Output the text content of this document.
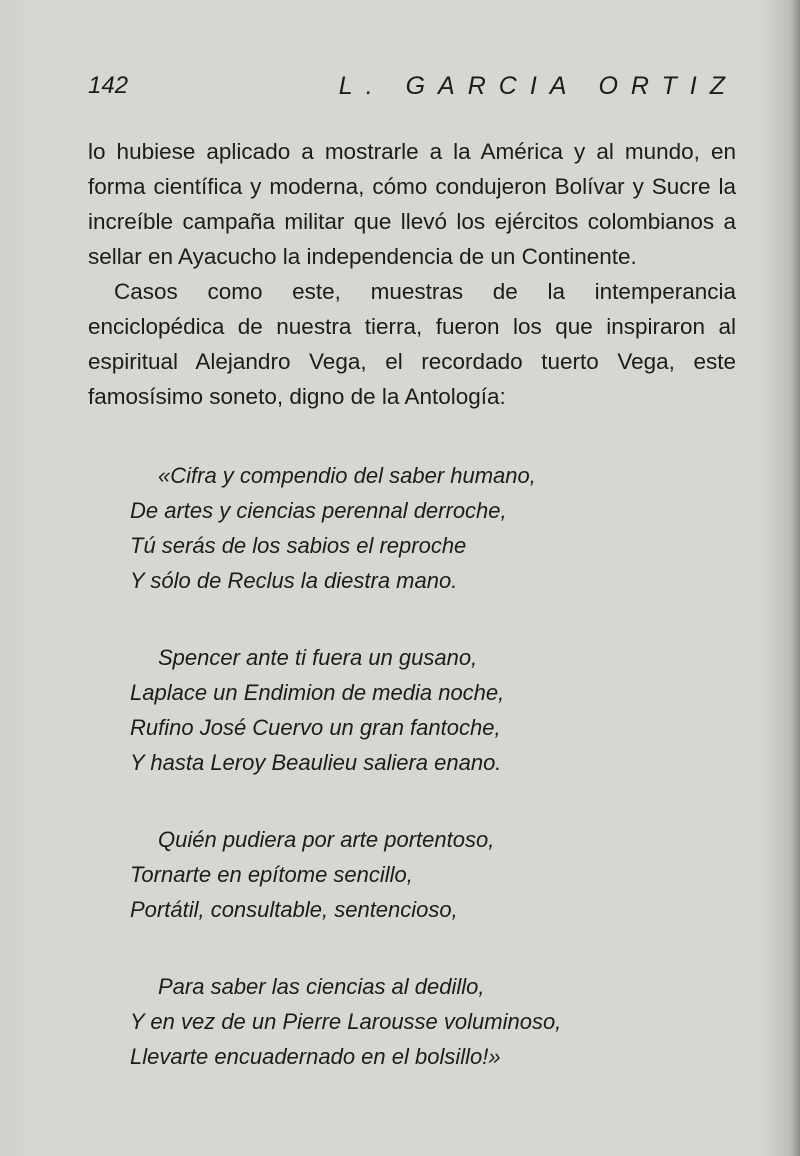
142	L. GARCIA ORTIZ

lo hubiese aplicado a mostrarle a la América y al mundo, en forma científica y moderna, cómo condujeron Bolívar y Sucre la increíble campaña militar que llevó los ejércitos colombianos a sellar en Ayacucho la independencia de un Continente.

Casos como este, muestras de la intemperancia enciclopédica de nuestra tierra, fueron los que inspiraron al espiritual Alejandro Vega, el recordado tuerto Vega, este famosísimo soneto, digno de la Antología:

«Cifra y compendio del saber humano,
De artes y ciencias perennal derroche,
Tú serás de los sabios el reproche
Y sólo de Reclus la diestra mano.
Spencer ante ti fuera un gusano,
Laplace un Endimion de media noche,
Rufino José Cuervo un gran fantoche,
Y hasta Leroy Beaulieu saliera enano.
Quién pudiera por arte portentoso,
Tornarte en epítome sencillo,
Portátil, consultable, sentencioso,
Para saber las ciencias al dedillo,
Y en vez de un Pierre Larousse voluminoso,
Llevarte encuadernado en el bolsillo!»
